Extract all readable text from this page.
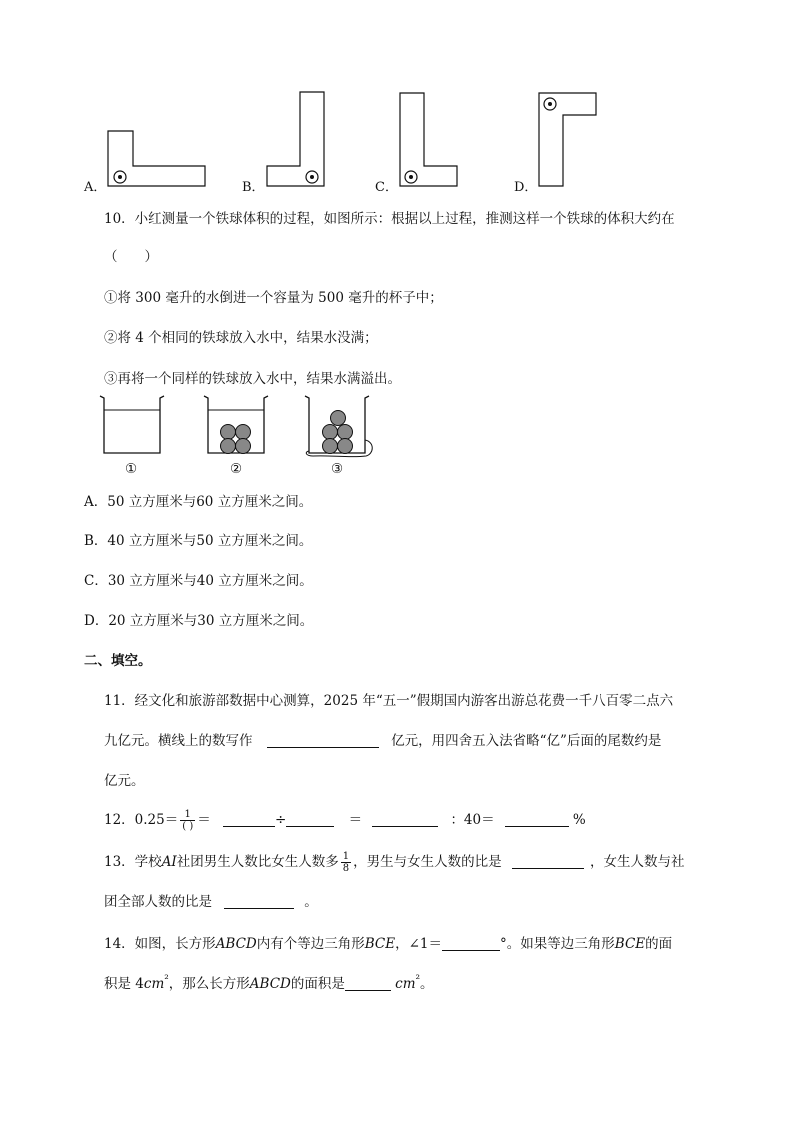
A．	B．	C．	D．
10．小红测量一个铁球体积的过程，如图所示：根据以上过程，推测这样一个铁球的体积大约在
（　　）
①将 300 毫升的水倒进一个容量为 500 毫升的杯子中；
②将 4 个相同的铁球放入水中，结果水没满；
③再将一个同样的铁球放入水中，结果水满溢出。
①	②	③
A．50 立方厘米与60 立方厘米之间。
B．40 立方厘米与50 立方厘米之间。
C．30 立方厘米与40 立方厘米之间。
D．20 立方厘米与30 立方厘米之间。
二、填空。
11．经文化和旅游部数据中心测算，2025 年“五一”假期国内游客出游总花费一千八百零二点六
九亿元。横线上的数写作	亿元，用四舍五入法省略“亿”后面的尾数约是
亿元。
12．$0.25= \frac{1}{( )}$ ＝	÷	＝	：40＝	%
13．学校AI社团男生人数比女生人数多 $\frac{1}{8}$ ，男生与女生人数的比是	，女生人数与社
团全部人数的比是	。
14．如图，长方形ABCD内有个等边三角形BCE，∠1＝	°。如果等边三角形BCE的面
积是 $4cm^{^2}$，那么长方形ABCD的面积是	$cm^{^2}$。
